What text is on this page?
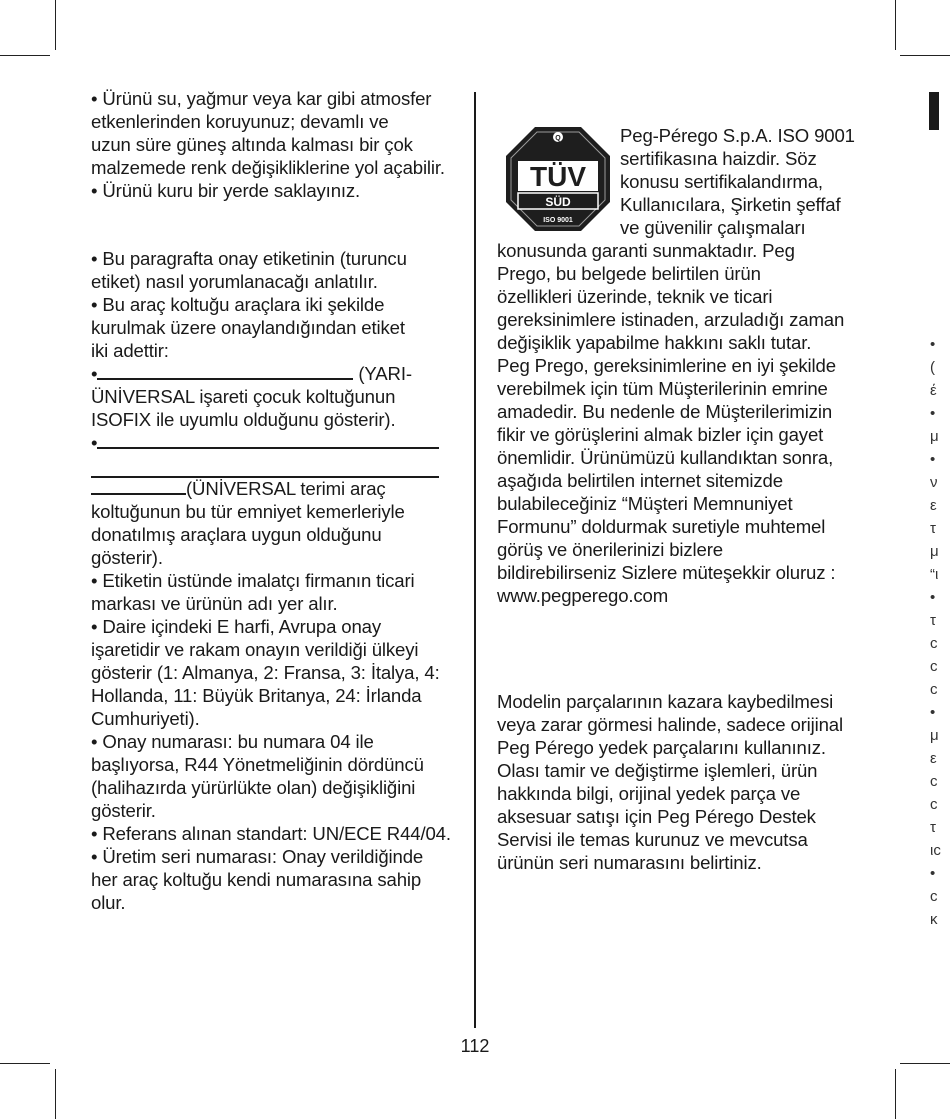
• Ürünü su, yağmur veya kar gibi atmosfer
etkenlerinden koruyunuz; devamlı ve
uzun süre güneş altında kalması bir çok
malzemede renk değişikliklerine yol açabilir.
• Ürünü kuru bir yerde saklayınız.
• Bu paragrafta onay etiketinin (turuncu
etiket) nasıl yorumlanacağı anlatılır.
• Bu araç koltuğu araçlara iki şekilde
kurulmak üzere onaylandığından etiket
iki adettir:
•	(YARI-
ÜNİVERSAL işareti çocuk koltuğunun
ISOFIX ile uyumlu olduğunu gösterir).
•
(ÜNİVERSAL terimi araç
koltuğunun bu tür emniyet kemerleriyle
donatılmış araçlara uygun olduğunu
gösterir).
• Etiketin üstünde imalatçı firmanın ticari
markası ve ürünün adı yer alır.
• Daire içindeki E harfi, Avrupa onay
işaretidir ve rakam onayın verildiği ülkeyi
gösterir (1: Almanya, 2: Fransa, 3: İtalya, 4:
Hollanda, 11: Büyük Britanya, 24: İrlanda
Cumhuriyeti).
• Onay numarası: bu numara 04 ile
başlıyorsa, R44 Yönetmeliğinin dördüncü
(halihazırda yürürlükte olan) değişikliğini
gösterir.
• Referans alınan standart: UN/ECE R44/04.
• Üretim seri numarası: Onay verildiğinde
her araç koltuğu kendi numarasına sahip
olur.
Q
TÜV
SÜD
ISO 9001
Peg-Pérego S.p.A. ISO 9001
sertifikasına haizdir. Söz
konusu sertifikalandırma,
Kullanıcılara, Şirketin şeffaf
ve güvenilir çalışmaları
konusunda garanti sunmaktadır. Peg
Prego, bu belgede belirtilen ürün
özellikleri üzerinde, teknik ve ticari
gereksinimlere istinaden, arzuladığı zaman
değişiklik yapabilme hakkını saklı tutar.
Peg Prego, gereksinimlerine en iyi şekilde
verebilmek için tüm Müşterilerinin emrine
amadedir. Bu nedenle de Müşterilerimizin
fikir ve görüşlerini almak bizler için gayet
önemlidir. Ürünümüzü kullandıktan sonra,
aşağıda belirtilen internet sitemizde
bulabileceğiniz “Müşteri Memnuniyet
Formunu” doldurmak suretiyle muhtemel
görüş ve önerilerinizi bizlere
bildirebilirseniz Sizlere müteşekkir oluruz :
www.pegperego.com
Modelin parçalarının kazara kaybedilmesi
veya zarar görmesi halinde, sadece orijinal
Peg Pérego yedek parçalarını kullanınız.
Olası tamir ve değiştirme işlemleri, ürün
hakkında bilgi, orijinal yedek parça ve
aksesuar satışı için Peg Pérego Destek
Servisi ile temas kurunuz ve mevcutsa
ürünün seri numarasını belirtiniz.
•
(
έ
•
μ
•
ν
ε
τ
μ
“ι
•
τ
c
c
c
•
μ
ε
c
c
τ
ιc
•
c
κ
112
